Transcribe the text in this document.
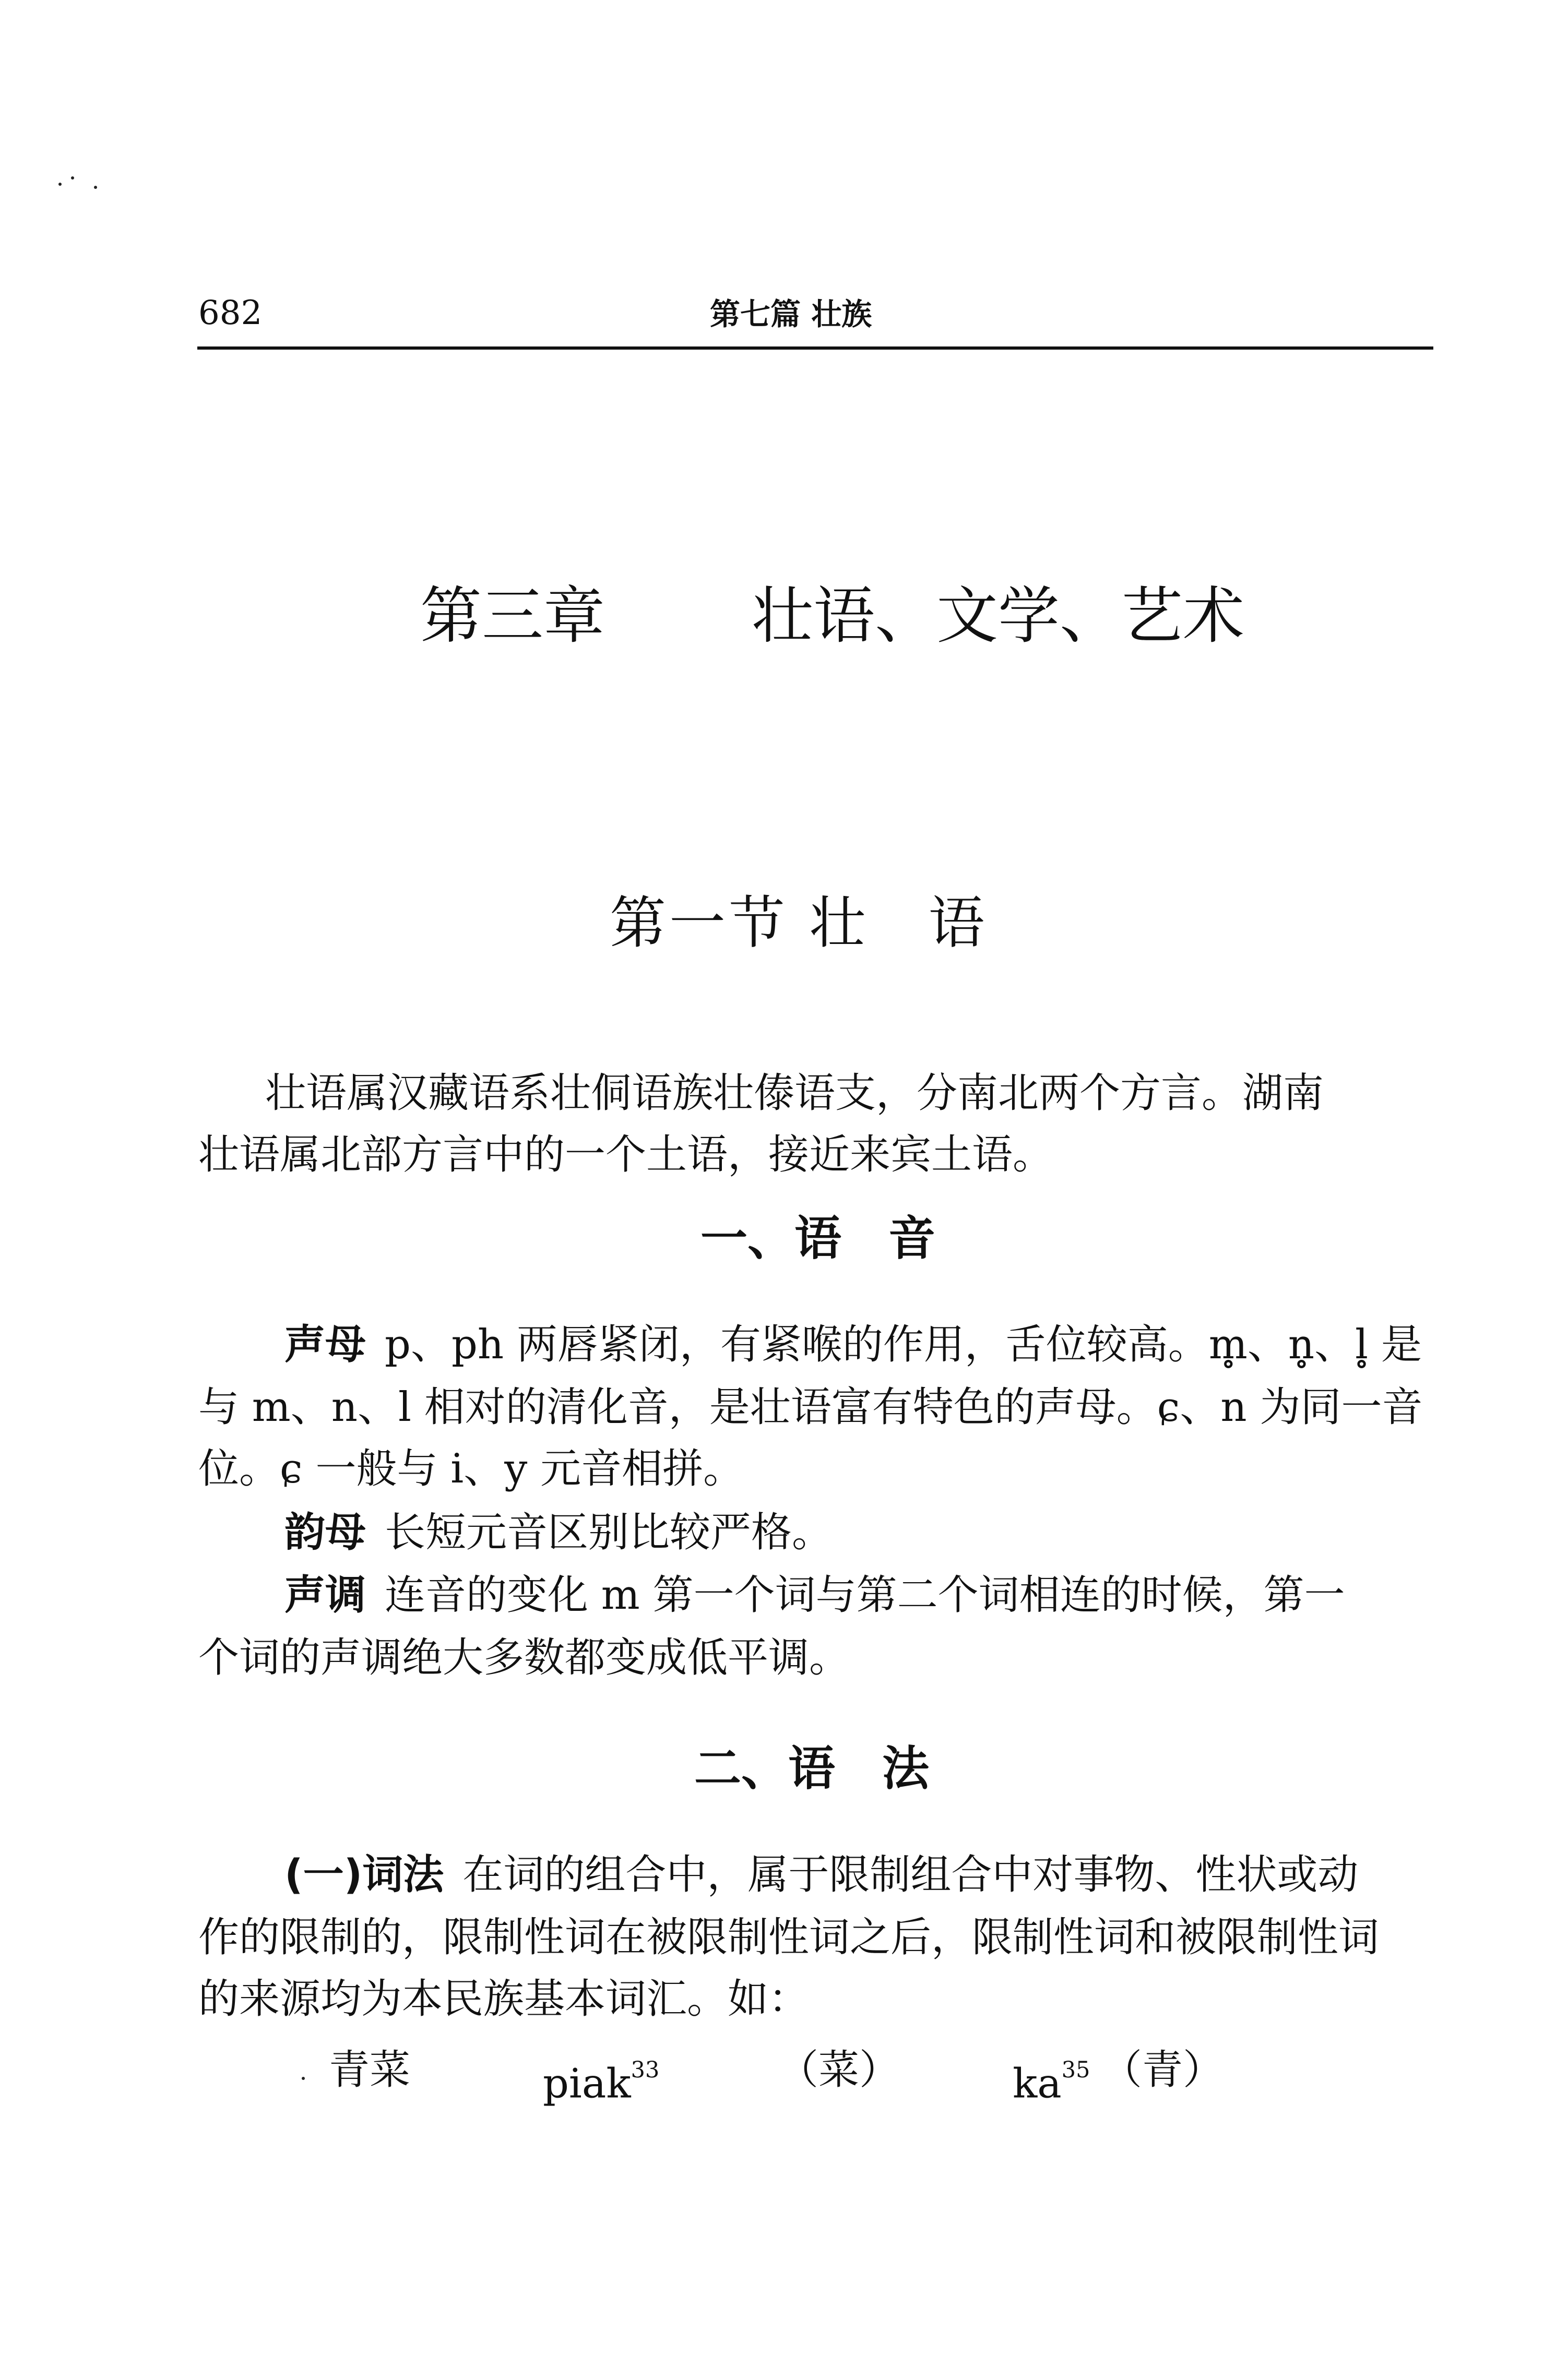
682	第七篇 壮族
第三章 壮语、文学、艺术
第一节 壮　语
壮语属汉藏语系壮侗语族壮傣语支，分南北两个方言。湖南
壮语属北部方言中的一个土语，接近来宾土语。
一、语　音
声母 p、ph 两唇紧闭，有紧喉的作用，舌位较高。m̥、n̥、l̥ 是
与 m、n、l 相对的清化音，是壮语富有特色的声母。ɕ、n 为同一音
位。ɕ 一般与 i、y 元音相拼。
韵母 长短元音区别比较严格。
声调 连音的变化 m 第一个词与第二个词相连的时候，第一
个词的声调绝大多数都变成低平调。
二、语　法
(一)词法 在词的组合中，属于限制组合中对事物、性状或动
作的限制的，限制性词在被限制性词之后，限制性词和被限制性词
的来源均为本民族基本词汇。如：
青菜	piak$^{33}$	（菜）	$ka^{35}$ （青）
